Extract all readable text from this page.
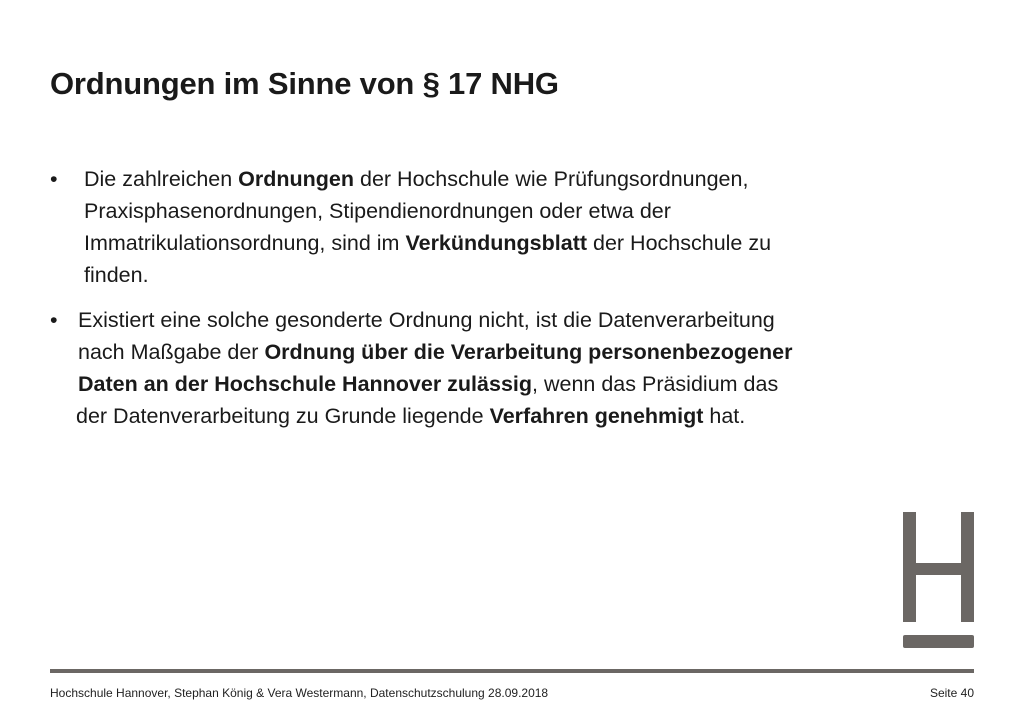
Ordnungen im Sinne von § 17 NHG
• Die zahlreichen Ordnungen der Hochschule wie Prüfungsordnungen,
Praxisphasenordnungen, Stipendienordnungen oder etwa der
Immatrikulationsordnung, sind im Verkündungsblatt der Hochschule zu
finden.
• Existiert eine solche gesonderte Ordnung nicht, ist die Datenverarbeitung
nach Maßgabe der Ordnung über die Verarbeitung personenbezogener
Daten an der Hochschule Hannover zulässig, wenn das Präsidium das
der Datenverarbeitung zu Grunde liegende Verfahren genehmigt hat.
Hochschule Hannover, Stephan König & Vera Westermann, Datenschutzschulung 28.09.2018	Seite 40
